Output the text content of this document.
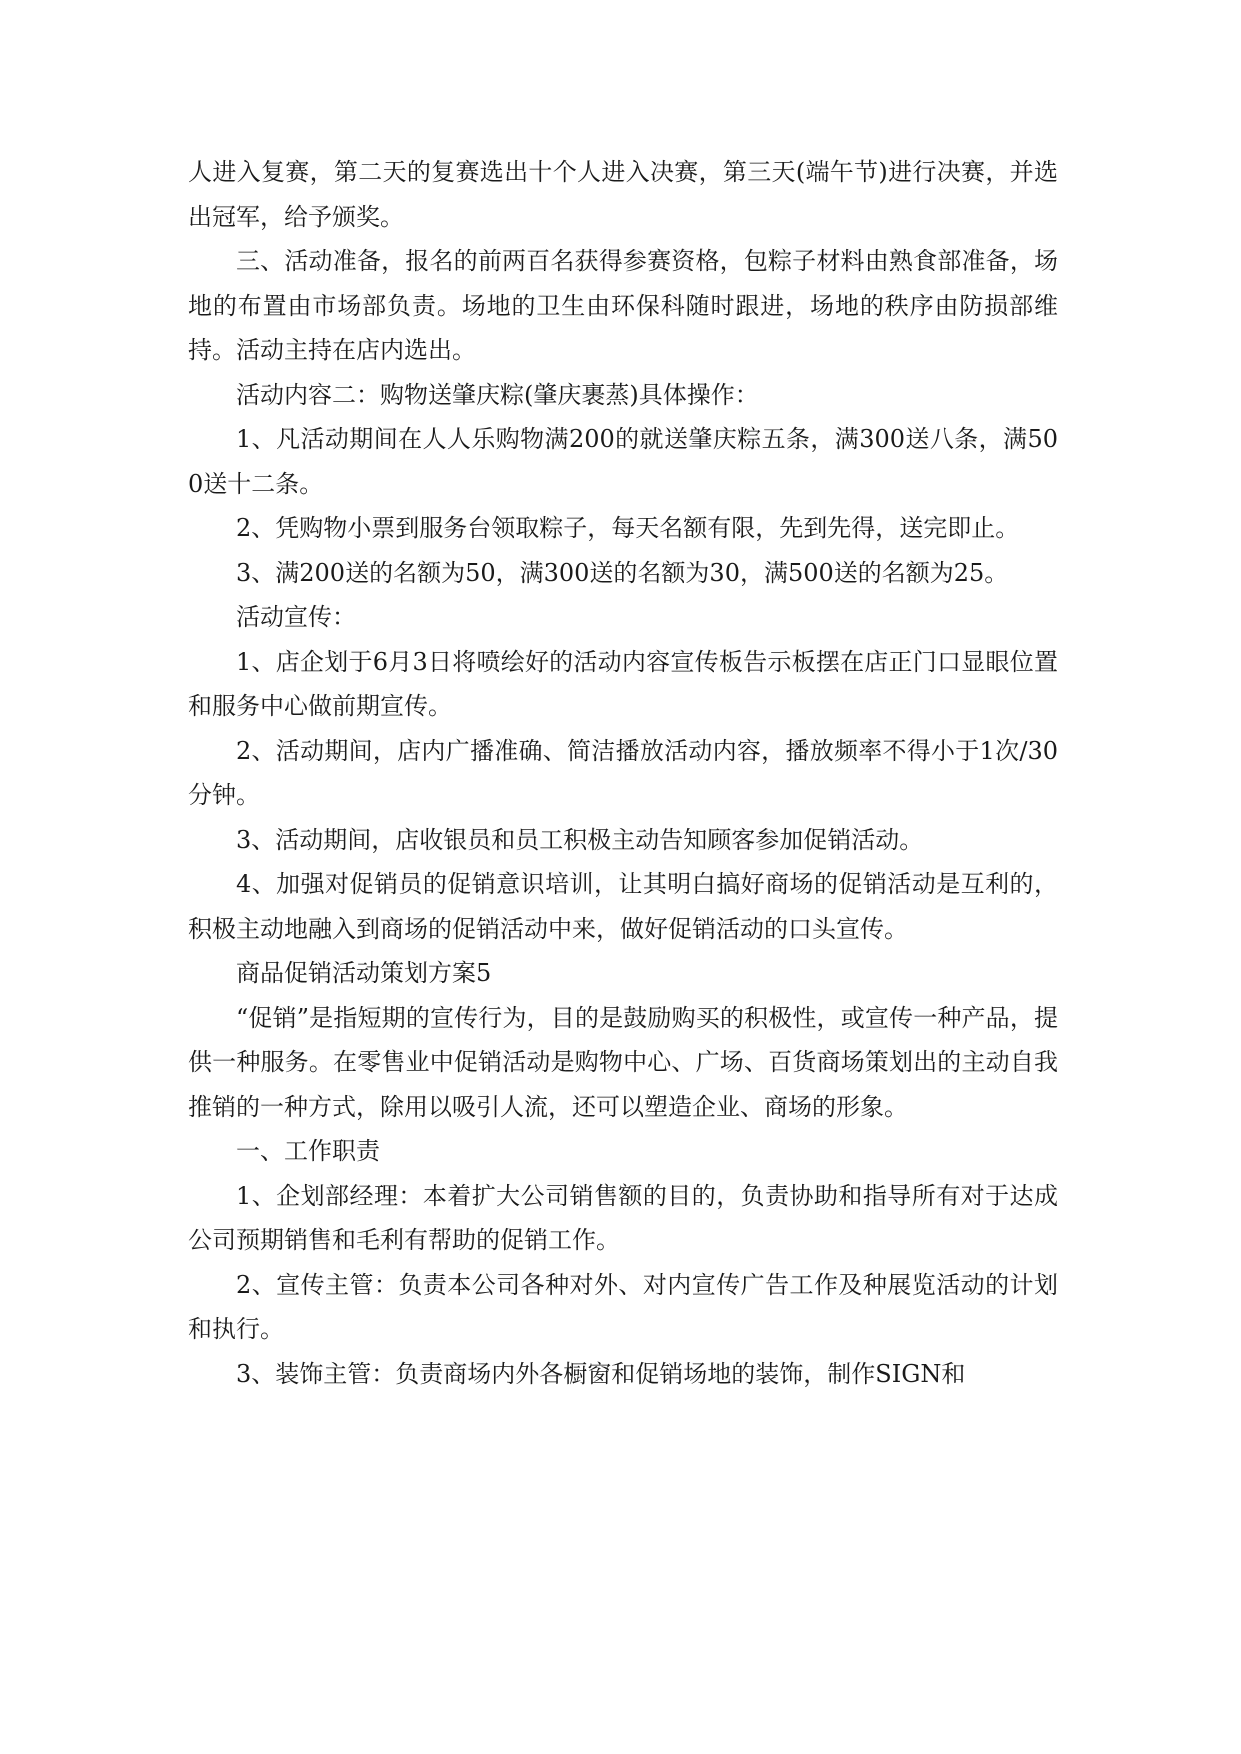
人进入复赛，第二天的复赛选出十个人进入决赛，第三天(端午节)进行决赛，并选出冠军，给予颁奖。

三、活动准备，报名的前两百名获得参赛资格，包粽子材料由熟食部准备，场地的布置由市场部负责。场地的卫生由环保科随时跟进，场地的秩序由防损部维持。活动主持在店内选出。

活动内容二：购物送肇庆粽(肇庆裹蒸)具体操作：

1、凡活动期间在人人乐购物满200的就送肇庆粽五条，满300送八条，满500送十二条。

2、凭购物小票到服务台领取粽子，每天名额有限，先到先得，送完即止。

3、满200送的名额为50，满300送的名额为30，满500送的名额为25。

活动宣传：

1、店企划于6月3日将喷绘好的活动内容宣传板告示板摆在店正门口显眼位置和服务中心做前期宣传。

2、活动期间，店内广播准确、简洁播放活动内容，播放频率不得小于1次/30分钟。

3、活动期间，店收银员和员工积极主动告知顾客参加促销活动。

4、加强对促销员的促销意识培训，让其明白搞好商场的促销活动是互利的，积极主动地融入到商场的促销活动中来，做好促销活动的口头宣传。

商品促销活动策划方案5

“促销”是指短期的宣传行为，目的是鼓励购买的积极性，或宣传一种产品，提供一种服务。在零售业中促销活动是购物中心、广场、百货商场策划出的主动自我推销的一种方式，除用以吸引人流，还可以塑造企业、商场的形象。

一、工作职责

1、企划部经理：本着扩大公司销售额的目的，负责协助和指导所有对于达成公司预期销售和毛利有帮助的促销工作。

2、宣传主管：负责本公司各种对外、对内宣传广告工作及种展览活动的计划和执行。

3、装饰主管：负责商场内外各橱窗和促销场地的装饰，制作SIGN和
